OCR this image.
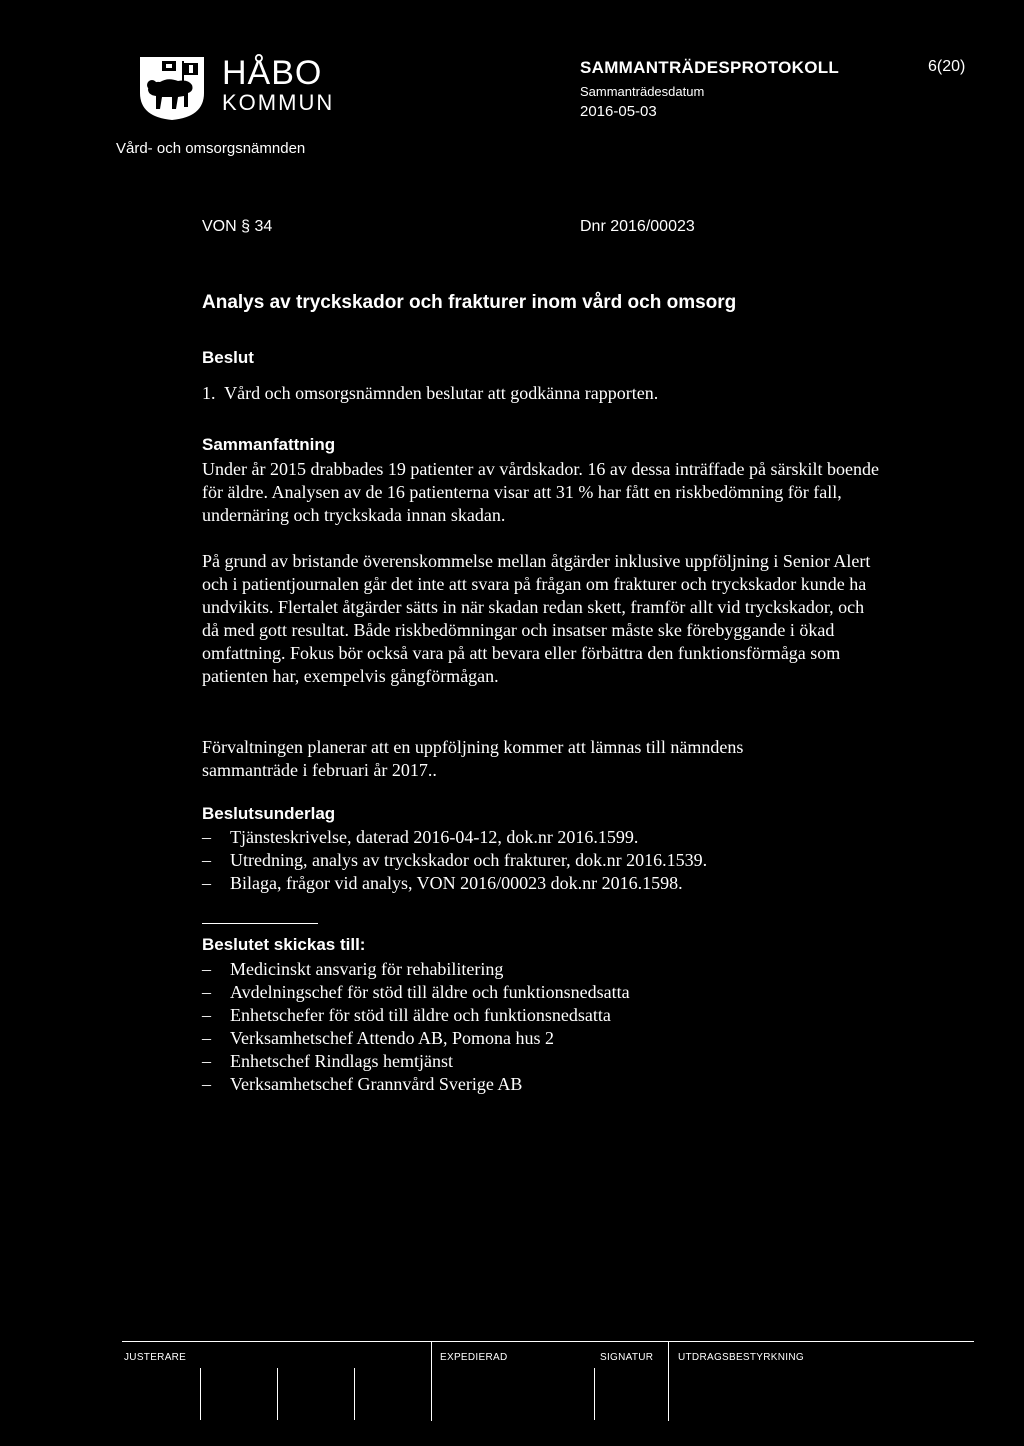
HÅBO
KOMMUN
Vård- och omsorgsnämnden
SAMMANTRÄDESPROTOKOLL	6(20)
Sammanträdesdatum
2016-05-03
VON § 34	Dnr 2016/00023
Analys av tryckskador och frakturer inom vård och omsorg
Beslut
1.  Vård och omsorgsnämnden beslutar att godkänna rapporten.
Sammanfattning
Under år 2015 drabbades 19 patienter av vårdskador. 16 av dessa inträffade på särskilt boende för äldre. Analysen av de 16 patienterna visar att 31 % har fått en riskbedömning för fall, undernäring och tryckskada innan skadan.
På grund av bristande överenskommelse mellan åtgärder inklusive uppföljning i Senior Alert och i patientjournalen går det inte att svara på frågan om frakturer och tryckskador kunde ha undvikits. Flertalet åtgärder sätts in när skadan redan skett, framför allt vid tryckskador, och då med gott resultat. Både riskbedömningar och insatser måste ske förebyggande i ökad omfattning. Fokus bör också vara på att bevara eller förbättra den funktionsförmåga som patienten har, exempelvis gångförmågan.
Förvaltningen planerar att en uppföljning kommer att lämnas till nämndens sammanträde i februari år 2017..
Beslutsunderlag
– Tjänsteskrivelse, daterad 2016-04-12, dok.nr 2016.1599.
– Utredning, analys av tryckskador och frakturer, dok.nr 2016.1539.
– Bilaga, frågor vid analys, VON 2016/00023 dok.nr 2016.1598.
Beslutet skickas till:
– Medicinskt ansvarig för rehabilitering
– Avdelningschef för stöd till äldre och funktionsnedsatta
– Enhetschefer för stöd till äldre och funktionsnedsatta
– Verksamhetschef Attendo AB, Pomona hus 2
– Enhetschef Rindlags hemtjänst
– Verksamhetschef Grannvård Sverige AB
JUSTERARE	EXPEDIERAD	SIGNATUR UTDRAGSBESTYRKNING
